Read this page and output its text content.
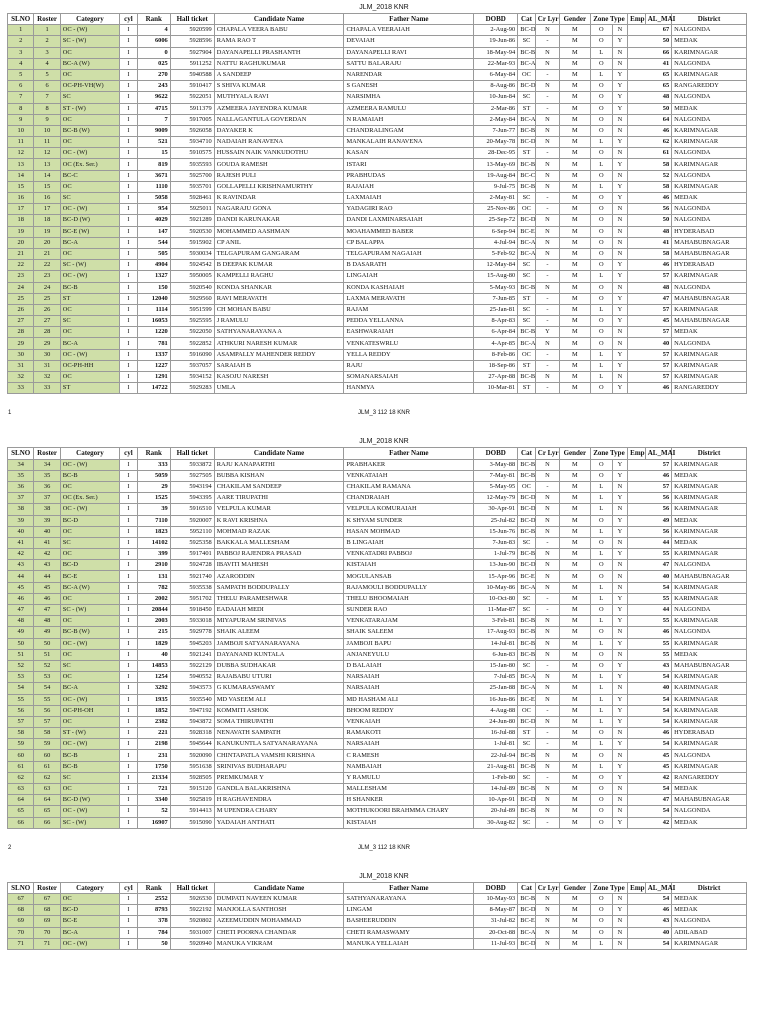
JLM_2018 KNR
SLNO	Roster	Category	cyl	Rank	Hall ticket	Candidate Name	Father Name	DOBD	Cat	Cr Lyr	Gender	Zone Type		Emp	AL_MAI	District
1	1	OC - (W)	I	4	5920599	CHAPALA VEERA BABU	CHAPALA VEERAIAH	2-Aug-90	BC-D	N	M	O	N	67		NALGONDA
2	2	SC - (W)	I	6006	5928596	RAMA RAO T	DEVAIAH	19-Jun-86	SC	-	M	O	Y	50		MEDAK
3	3	OC	I	0	5927904	DAYANAPELLI PRASHANTH	DAYANAPELLI RAVI	18-May-94	BC-B	N	M	L	N	66		KARIMNAGAR
4	4	BC-A (W)	I	025	5911252	NATTU RAGHUKUMAR	SATTU BALARAJU	22-Mar-93	BC-A	N	M	O	N	41		NALGONDA
5	5	OC	I	270	5940588	A SANDEEP	NARENDAR	6-May-84	OC	-	M	L	Y	65		KARIMNAGAR
6	6	OC-PH-VH(W)	I	243	5910417	S SHIVA KUMAR	S GANESH	8-Aug-86	BC-D	N	M	O	Y	65		RANGAREDDY
7	7	SC	I	9622	5922051	MUTHYALA RAVI	NARSIMHA	10-Jun-84	SC	-	M	O	Y	48		NALGONDA
8	8	ST - (W)	I	4715	5911379	AZMEERA JAYENDRA KUMAR	AZMEERA RAMULU	2-Mar-86	ST	-	M	O	Y	50		MEDAK
9	9	OC	I	7	5917005	NALLAGANTULA GOVERDAN	N RAMAIAH	2-May-84	BC-A	N	M	O	N	64		NALGONDA
10	10	BC-B (W)	I	9009	5926058	DAYAKER K	CHANDRALINGAM	7-Jun-77	BC-B	N	M	O	N	46		KARIMNAGAR
11	11	OC	I	521	5934710	NADAIAH RANAVENA	MANKALAIH RANAVENA	20-May-78	BC-D	N	M	L	Y	62		KARIMNAGAR
12	12	OC - (W)	I	15	5910575	HUSSAIN NAIK VANKUDOTHU	KASAN	28-Dec-95	ST	-	M	O	N	61		NALGONDA
13	13	OC (Ex. Ser.)	I	819	5935593	GOUDA RAMESH	ISTARI	13-May-69	BC-B	N	M	L	Y	58		KARIMNAGAR
14	14	BC-C	I	3671	5925700	RAJESH PULI	PRABHUDAS	19-Aug-84	BC-C	N	M	O	N	52		NALGONDA
15	15	OC	I	1110	5935701	GOLLAPELLI KRISHNAMURTHY	RAJAIAH	9-Jul-75	BC-B	N	M	L	Y	58		KARIMNAGAR
16	16	SC	I	5058	5928461	K RAVINDAR	LAXMAIAH	2-May-81	SC	-	M	O	Y	46		MEDAK
17	17	OC - (W)	I	954	5925011	NAGARAJU GONA	YADAGIRI RAO	25-Nov-86	OC	-	M	O	N	56		NALGONDA
18	18	BC-D (W)	I	4029	5921289	DANDI KARUNAKAR	DANDI LAXMINARSAIAH	25-Sep-72	BC-D	N	M	O	N	50		NALGONDA
19	19	BC-E (W)	I	147	5920530	MOHAMMED AASHMAN	MOAHAMMED BABER	6-Sep-94	BC-E	N	M	O	N	48		HYDERABAD
20	20	BC-A	I	544	5915902	CP ANIL	CP BALAPPA	4-Jul-94	BC-A	N	M	O	N	41		MAHABUBNAGAR
21	21	OC	I	505	5930034	TELGAPURAM GANGARAM	TELGAPURAM NAGAIAH	5-Feb-92	BC-A	N	M	O	N	58		MAHABUBNAGAR
22	22	SC - (W)	I	4904	5924542	B DEEPAK KUMAR	B DASARATH	12-May-84	SC	-	M	O	Y	46		HYDERABAD
23	23	OC - (W)	I	1327	5950005	KAMPELLI RAGHU	LINGAIAH	15-Aug-80	SC	-	M	L	Y	57		KARIMNAGAR
24	24	BC-B	I	150	5920540	KONDA SHANKAR	KONDA KASHAIAH	5-May-93	BC-B	N	M	O	N	48		NALGONDA
25	25	ST	I	12040	5929560	RAVI MERAVATH	LAXMA MERAVATH	7-Jun-85	ST	-	M	O	Y	47		MAHABUBNAGAR
26	26	OC	I	1114	5951599	CH MOHAN BABU	RAJAM	25-Jan-81	SC	-	M	L	Y	57		KARIMNAGAR
27	27	SC	I	16053	5925595	J RAMULU	PEDDA YELLANNA	8-Apr-83	SC	-	M	O	Y	45		MAHABUBNAGAR
28	28	OC	I	1220	5922050	SATHYANARAYANA A	EASHWARAIAH	6-Apr-84	BC-B	Y	M	O	N	57		MEDAK
29	29	BC-A	I	781	5922852	ATHKURI NARESH KUMAR	VENKATESWRLU	4-Apr-85	BC-A	N	M	O	N	40		NALGONDA
30	30	OC - (W)	I	1337	5916090	ASAMPALLY MAHENDER REDDY	YELLA REDDY	8-Feb-86	OC	-	M	L	Y	57		KARIMNAGAR
31	31	OC-PH-HH	I	1227	5937057	SARAIAH B	RAJU	18-Sep-86	ST	-	M	L	Y	57		KARIMNAGAR
32	32	OC	I	1291	5934152	KASOJU NARESH	SOMANARSAIAH	27-Apr-88	BC-B	N	M	L	N	57		KARIMNAGAR
33	33	ST	I	14722	5929283	UMLA	HANMYA	10-Mar-81	ST	-	M	O	Y	46		RANGAREDDY
1	JLM_3 112 18 KNR
JLM_2018 KNR
SLNO	Roster	Category	cyl	Rank	Hall ticket	Candidate Name	Father Name	DOBD	Cat	Cr Lyr	Gender	Zone Type		Emp	AL_MAI	District
34	34	OC - (W)	I	333	5933872	RAJU KANAPARTHI	PRABHAKER	3-May-88	BC-B	N	M	O	Y	57		KARIMNAGAR
35	35	BC-B	I	5059	5927505	BUBBA KISHAN	VENKATAIAH	7-May-81	BC-B	N	M	O	Y	46		MEDAK
36	36	OC	I	29	5943194	CHAKILAM SANDEEP	CHAKILAM RAMANA	5-May-95	OC	-	M	L	N	57		KARIMNAGAR
37	37	OC (Ex. Ser.)	I	1525	5943395	AARE TIRUPATHI	CHANDRAIAH	12-May-79	BC-D	N	M	L	Y	56		KARIMNAGAR
38	38	OC - (W)	I	39	5916510	VELPULA KUMAR	VELPULA KOMURAIAH	30-Apr-91	BC-D	N	M	L	N	56		KARIMNAGAR
39	39	BC-D	I	7110	5920007	K RAVI KRISHNA	K SHYAM SUNDER	25-Jul-82	BC-D	N	M	O	Y	49		MEDAK
40	40	OC	I	1823	5952110	MOHMAD RAZAK	HASAN MOHMAD	15-Jun-76	BC-B	N	M	L	Y	56		KARIMNAGAR
41	41	SC	I	14102	5925358	BAKKALA MALLESHAM	B LINGAIAH	7-Jun-83	SC	-	M	O	N	44		MEDAK
42	42	OC	I	399	5917401	PABBOJ RAJENDRA PRASAD	VENKATADRI PABBOJ	1-Jul-79	BC-B	N	M	L	Y	55		KARIMNAGAR
43	43	BC-D	I	2910	5924728	IBAVITI MAHESH	KISTAIAH	13-Jun-90	BC-D	N	M	O	N	47		NALGONDA
44	44	BC-E	I	131	5921740	AZARODDIN	MOGULANSAB	15-Apr-96	BC-E	N	M	O	N	40		MAHABUBNAGAR
45	45	BC-A (W)	I	782	5935538	SAMPATH BODDUPALLY	RAJAMOULI BODDUPALLY	10-May-86	BC-A	N	M	L	N	54		KARIMNAGAR
46	46	OC	I	2002	5951702	THELU PARAMESHWAR	THELU BHOOMAIAH	10-Oct-80	SC	-	M	L	Y	55		KARIMNAGAR
47	47	SC - (W)	I	20844	5918450	EADAIAH MEDI	SUNDER RAO	11-Mar-87	SC	-	M	O	Y	44		NALGONDA
48	48	OC	I	2003	5933018	MIYAPURAM SRINIVAS	VENKATARAJAM	3-Feb-81	BC-B	N	M	L	Y	55		KARIMNAGAR
49	49	BC-B (W)	I	215	5929778	SHAIK ALEEM	SHAIK SALEEM	17-Aug-93	BC-B	N	M	O	N	46		NALGONDA
50	50	OC - (W)	I	1829	5945203	JAMBOJI SATYANARAYANA	JAMBOJI BAPU	14-Jul-81	BC-B	N	M	L	Y	55		KARIMNAGAR
51	51	OC	I	40	5921241	DAYANAND KUNTALA	ANJANEYULU	6-Jun-83	BC-B	N	M	O	N	55		MEDAK
52	52	SC	I	14853	5922129	DUBBA SUDHAKAR	D BALAIAH	15-Jan-80	SC	-	M	O	Y	43		MAHABUBNAGAR
53	53	OC	I	1254	5940552	RAJABABU UTURI	NARSAIAH	7-Jul-85	BC-A	N	M	L	Y	54		KARIMNAGAR
54	54	BC-A	I	3292	5943573	G KUMARASWAMY	NARSAIAH	25-Jan-88	BC-A	N	M	L	N	40		KARIMNAGAR
55	55	OC - (W)	I	1935	5935540	MD VASEEM ALI	MD HASHAM ALI	16-Jun-86	BC-E	N	M	L	Y	54		KARIMNAGAR
56	56	OC-PH-OH	I	1852	5947192	KOMMITI ASHOK	BHOOM REDDY	4-Aug-88	OC	-	M	L	Y	54		KARIMNAGAR
57	57	OC	I	2382	5943872	SOMA THIRUPATHI	VENKAIAH	24-Jun-80	BC-D	N	M	L	Y	54		KARIMNAGAR
58	58	ST - (W)	I	221	5928318	NENAVATH SAMPATH	RAMAKOTI	16-Jul-88	ST	-	M	O	N	46		HYDERABAD
59	59	OC - (W)	I	2198	5945644	KANUKUNTLA SATYANARAYANA	NARSAIAH	1-Jul-81	SC	-	M	L	Y	54		KARIMNAGAR
60	60	BC-B	I	231	5920090	CHINTAPATLA VAMSHI KRISHNA	C RAMESH	22-Jul-94	BC-B	N	M	O	N	45		NALGONDA
61	61	BC-B	I	1750	5951638	SRINIVAS BUDHARAPU	NAMBAIAH	21-Aug-81	BC-B	N	M	L	Y	45		KARIMNAGAR
62	62	SC	I	21334	5928505	PREMKUMAR Y	Y RAMULU	1-Feb-80	SC	-	M	O	Y	42		RANGAREDDY
63	63	OC	I	721	5915120	GANDLA BALAKRISHNA	MALLESHAM	14-Jul-89	BC-B	N	M	O	N	54		MEDAK
64	64	BC-D (W)	I	3340	5925819	H RAGHAVENDRA	H SHANKER	10-Apr-91	BC-D	N	M	O	N	47		MAHABUBNAGAR
65	65	OC - (W)	I	52	5914413	M UPENDRA CHARY	MOTHUKOORI BRAHMMA CHARY	20-Jul-89	BC-B	N	M	O	N	54		NALGONDA
66	66	SC - (W)	I	16907	5915090	YADAIAH ANTHATI	KISTAIAH	30-Aug-82	SC	-	M	O	Y	42		MEDAK
2	JLM_3 112 18 KNR
JLM_2018 KNR
SLNO	Roster	Category	cyl	Rank	Hall ticket	Candidate Name	Father Name	DOBD	Cat	Cr Lyr	Gender	Zone Type		Emp	AL_MAI	District
67	67	OC	I	2552	5926530	DUMPATI NAVEEN KUMAR	SATHYANARAYANA	10-May-93	BC-B	N	M	O	N	54		MEDAK
68	68	BC-D	I	8793	5922192	MANJOLLA SANTHOSH	LINGAM	8-May-87	BC-D	N	M	O	Y	46		MEDAK
69	69	BC-E	I	378	5920802	AZEEMUDDIN MOHAMMAD	BASHEERUDDIN	31-Jul-82	BC-E	N	M	O	N	43		NALGONDA
70	70	BC-A	I	784	5931007	CHETI POORNA CHANDAR	CHETI RAMASWAMY	20-Oct-88	BC-A	N	M	O	N	40		ADILABAD
71	71	OC - (W)	I	50	5920940	MANUKA VIKRAM	MANUKA YELLAIAH	11-Jul-93	BC-D	N	M	L	N	54		KARIMNAGAR
